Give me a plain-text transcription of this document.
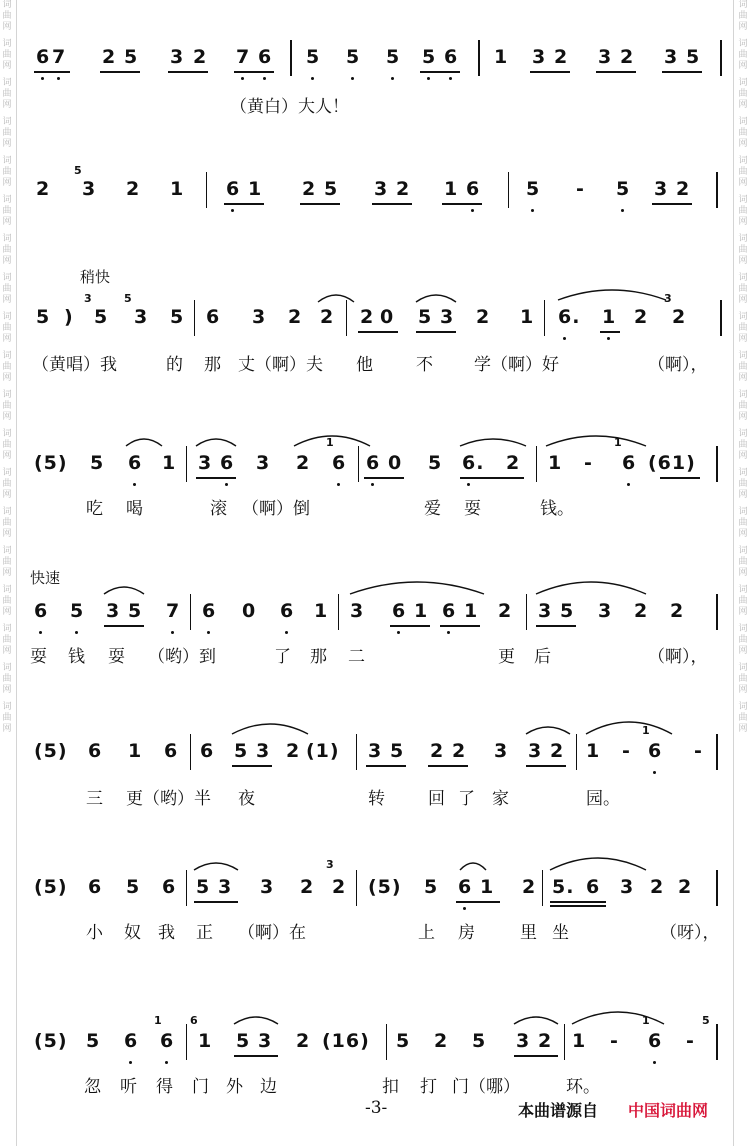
词
曲
网
词
曲
网
词
曲
网
词
曲
网
词
曲
网
词
曲
网
词
曲
网
词
曲
网
词
曲
网
词
曲
网
词
曲
网
词
曲
网
词
曲
网
词
曲
网
词
曲
网
词
曲
网
词
曲
网
词
曲
网
词
曲
网
词
曲
网
词
曲
网
词
曲
网
词
曲
网
词
曲
网
词
曲
网
词
曲
网
词
曲
网
词
曲
网
词
曲
网
词
曲
网
词
曲
网
词
曲
网
词
曲
网
词
曲
网
词
曲
网
词
曲
网
词
曲
网
词
曲
网
稍快
快速
6 7 2 5 3 2 7 6 5 5 5 5 6 1 3 2 3 2 3 5
（黄白）大人！
5
2 3 2 1 6 1 2 5 3 2 1 6 5 - 5 3 2
3	5	3
5 ) 5 3 5 6 3 2 2 2 0 5 3 2 1 6. 1 2 2
（黄唱）我	的 那 丈（啊）夫 他	不 学（啊）好	（啊），
1	1
(5) 5 6 1 3 6 3 2 6 6 0 5 6. 2 1 - 6 (61)
吃 喝	滚 （啊）倒	爱 耍	钱。
6 5 3 5 7 6 0 6 1 3 6 1 6 1 2 3 5 3 2 2
耍 钱 耍 （哟）到	了 那 二	更 后	（啊），
1
(5) 6 1 6 6 5 3 2 (1) 3 5 2 2 3 3 2 1 - 6 -
三 更（哟）半 夜	转	回 了 家	园。
3
(5) 6 5 6 5 3 3 2 2 (5) 5 6 1 2 5. 6 3 2 2
小 奴 我 正 （啊）在	上 房	里 坐	（呀），
1	6	1	5
(5) 5 6 6 1 5 3 2 (16) 5 2 5 3 2 1 - 6 -
忽 听 得 门 外 边	扣 打 门（哪）	环。
-3-	本曲谱源自 中国词曲网
